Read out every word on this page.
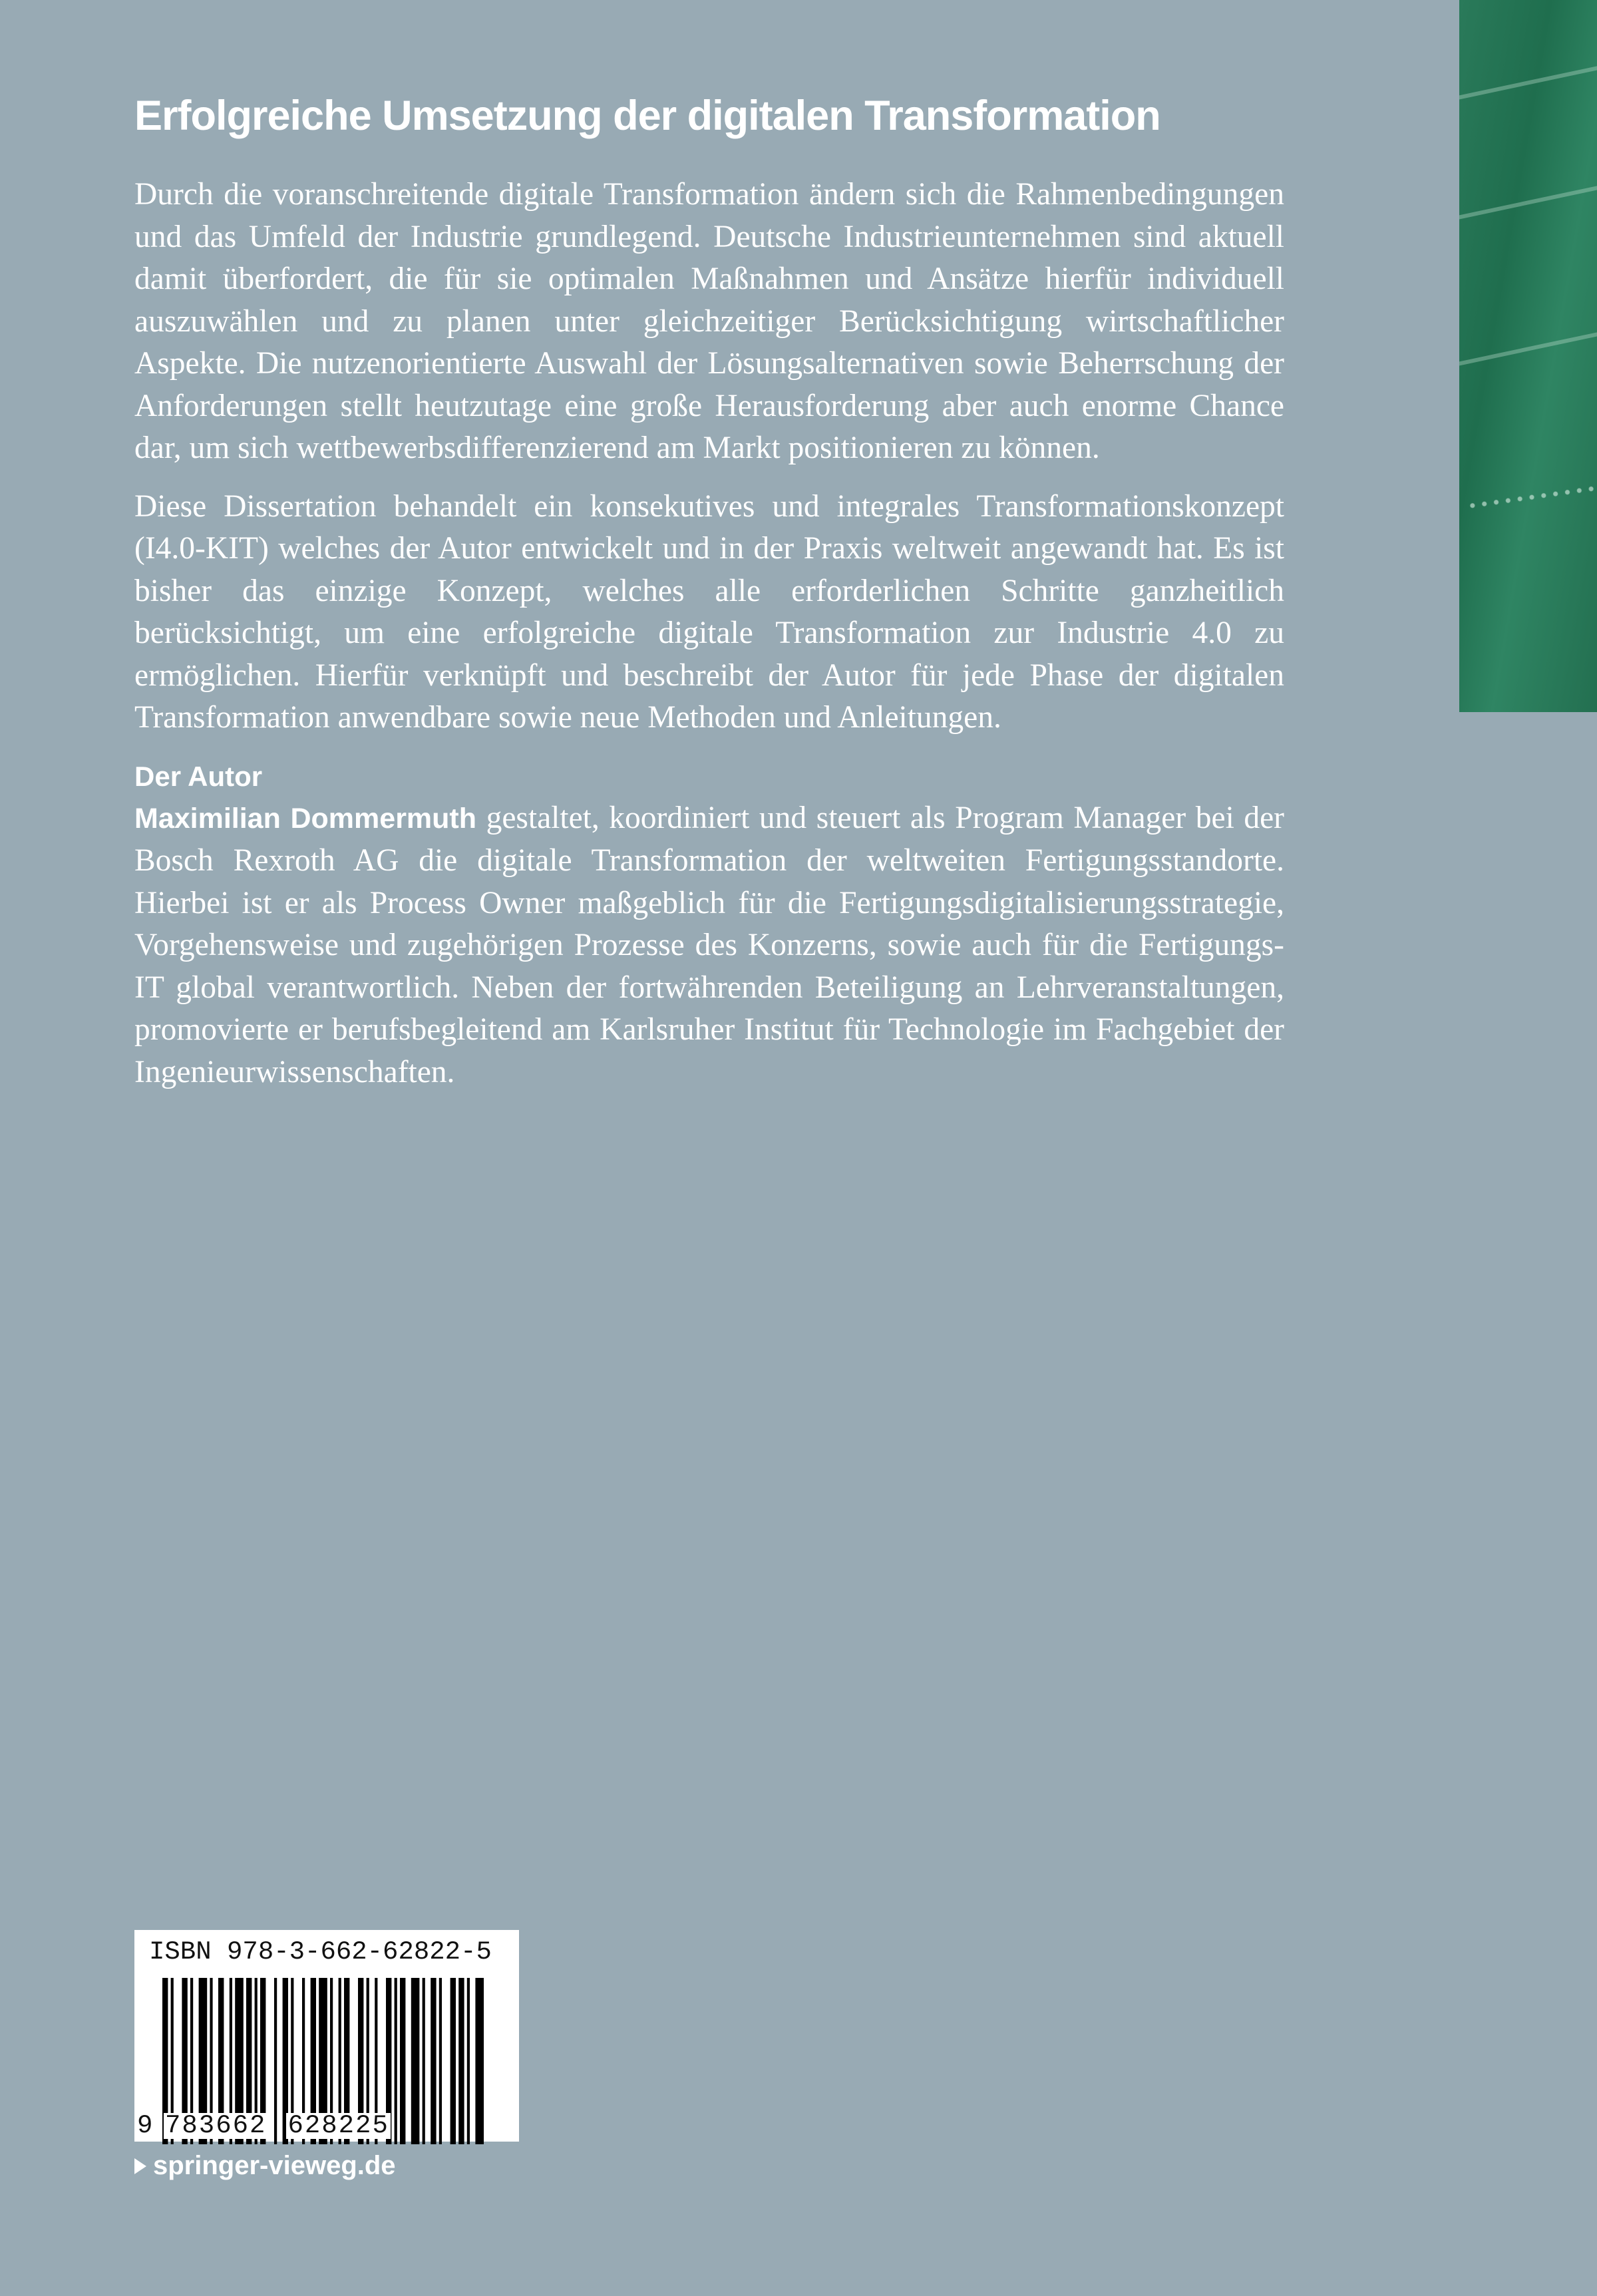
Erfolgreiche Umsetzung der digitalen Transformation

Durch die voranschreitende digitale Transformation ändern sich die Rahmenbedingungen und das Umfeld der Industrie grundlegend. Deutsche Industrieunternehmen sind aktuell damit überfordert, die für sie optimalen Maßnahmen und Ansätze hierfür individuell auszuwählen und zu planen unter gleichzeitiger Berücksichtigung wirtschaftlicher Aspekte. Die nutzenorientierte Auswahl der Lösungsalternativen sowie Beherrschung der Anforderungen stellt heutzutage eine große Herausforderung aber auch enorme Chance dar, um sich wettbewerbsdifferenzierend am Markt positionieren zu können.

Diese Dissertation behandelt ein konsekutives und integrales Transformationskonzept (I4.0-KIT) welches der Autor entwickelt und in der Praxis weltweit angewandt hat. Es ist bisher das einzige Konzept, welches alle erforderlichen Schritte ganzheitlich berücksichtigt, um eine erfolgreiche digitale Transformation zur Industrie 4.0 zu ermöglichen. Hierfür verknüpft und beschreibt der Autor für jede Phase der digitalen Transformation anwendbare sowie neue Methoden und Anleitungen.

Der Autor

Maximilian Dommermuth gestaltet, koordiniert und steuert als Program Manager bei der Bosch Rexroth AG die digitale Transformation der weltweiten Fertigungsstandorte. Hierbei ist er als Process Owner maßgeblich für die Fertigungsdigitalisierungsstrategie, Vorgehensweise und zugehörigen Prozesse des Konzerns, sowie auch für die Fertigungs-IT global verantwortlich. Neben der fortwährenden Beteiligung an Lehrveranstaltungen, promovierte er berufsbegleitend am Karlsruher Institut für Technologie im Fachgebiet der Ingenieurwissenschaften.

ISBN 978-3-662-62822-5
9 783662 628225
springer-vieweg.de
